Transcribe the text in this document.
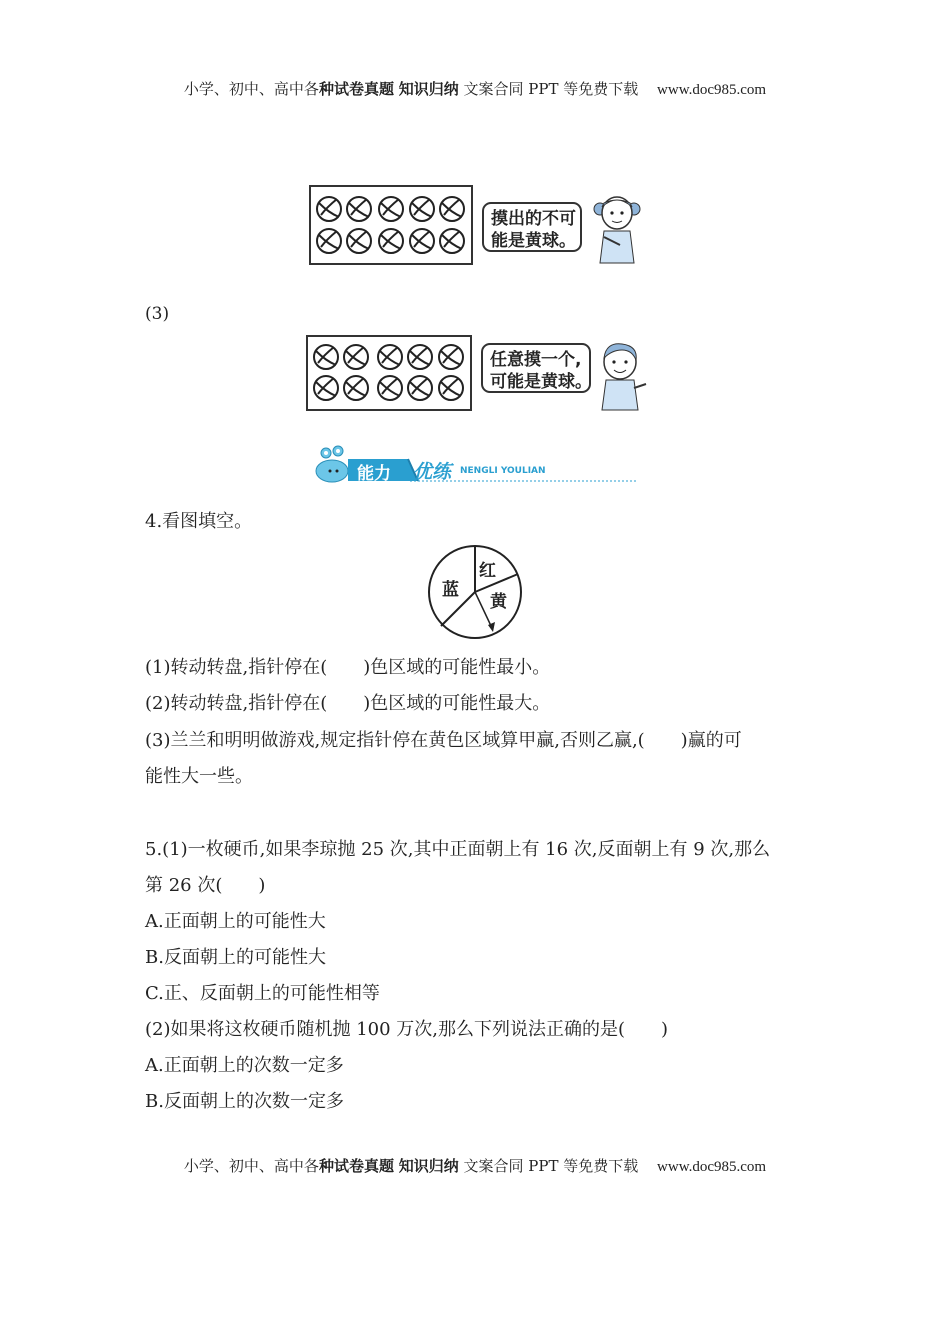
小学、初中、高中各种试卷真题 知识归纳 文案合同 PPT 等免费下载 www.doc985.com
摸出的不可
能是黄球。
(3)
任意摸一个,
可能是黄球。
能力 优练 NENGLI YOULIAN
4.看图填空。
蓝
红
黄
(1)转动转盘,指针停在(　　)色区域的可能性最小。
(2)转动转盘,指针停在(　　)色区域的可能性最大。
(3)兰兰和明明做游戏,规定指针停在黄色区域算甲赢,否则乙赢,(　　)赢的可
能性大一些。
5.(1)一枚硬币,如果李琼抛 25 次,其中正面朝上有 16 次,反面朝上有 9 次,那么
第 26 次(　　)
A.正面朝上的可能性大
B.反面朝上的可能性大
C.正、反面朝上的可能性相等
(2)如果将这枚硬币随机抛 100 万次,那么下列说法正确的是(　　)
A.正面朝上的次数一定多
B.反面朝上的次数一定多
小学、初中、高中各种试卷真题 知识归纳 文案合同 PPT 等免费下载 www.doc985.com
